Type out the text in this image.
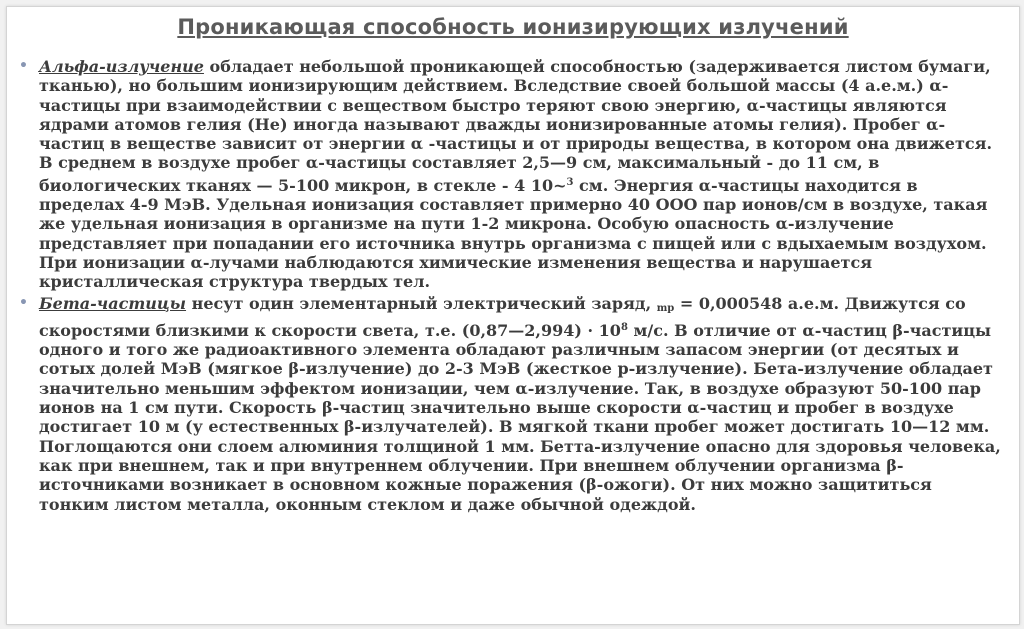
Проникающая способность ионизирующих излучений
• Альфа-излучение обладает небольшой проникающей способностью (задерживается листом бумаги, тканью), но большим ионизирующим действием. Вследствие своей большой массы (4 а.е.м.) α-частицы при взаимодействии с веществом быстро теряют свою энергию, α-частицы являются ядрами атомов гелия (Не) иногда называют дважды ионизированные атомы гелия). Пробег α-частиц в веществе зависит от энергии α -частицы и от природы вещества, в котором она движется. В среднем в воздухе пробег α-частицы составляет 2,5—9 см, максимальный - до 11 см, в биологических тканях — 5-100 микрон, в стекле - 4 10~$^3$ см. Энергия α-частицы находится в пределах 4-9 МэВ. Удельная ионизация составляет примерно 40 ООО пар ионов/см в воздухе, такая же удельная ионизация в организме на пути 1-2 микрона. Особую опасность α-излучение представляет при попадании его источника внутрь организма с пищей или с вдыхаемым воздухом. При ионизации α-лучами наблюдаются химические изменения вещества и нарушается кристаллическая структура твердых тел.
• Бета-частицы несут один элементарный электрический заряд, $_{mp}$ = 0,000548 а.е.м. Движутся со скоростями близкими к скорости света, т.е. (0,87—2,994) · $10^8$ м/с. В отличие от α-частиц β-частицы одного и того же радиоактивного элемента обладают различным запасом энергии (от десятых и сотых долей МэВ (мягкое β-излучение) до 2-3 МэВ (жесткое р-излучение). Бета-излучение обладает значительно меньшим эффектом ионизации, чем α-излучение. Так, в воздухе образуют 50-100 пар ионов на 1 см пути. Скорость β-частиц значительно выше скорости α-частиц и пробег в воздухе достигает 10 м (у естественных β-излучателей). В мягкой ткани пробег может достигать 10—12 мм. Поглощаются они слоем алюминия толщиной 1 мм. Бетта-излучение опасно для здоровья человека, как при внешнем, так и при внутреннем облучении. При внешнем облучении организма β-источниками возникает в основном кожные поражения (β-ожоги). От них можно защититься тонким листом металла, оконным стеклом и даже обычной одеждой.
